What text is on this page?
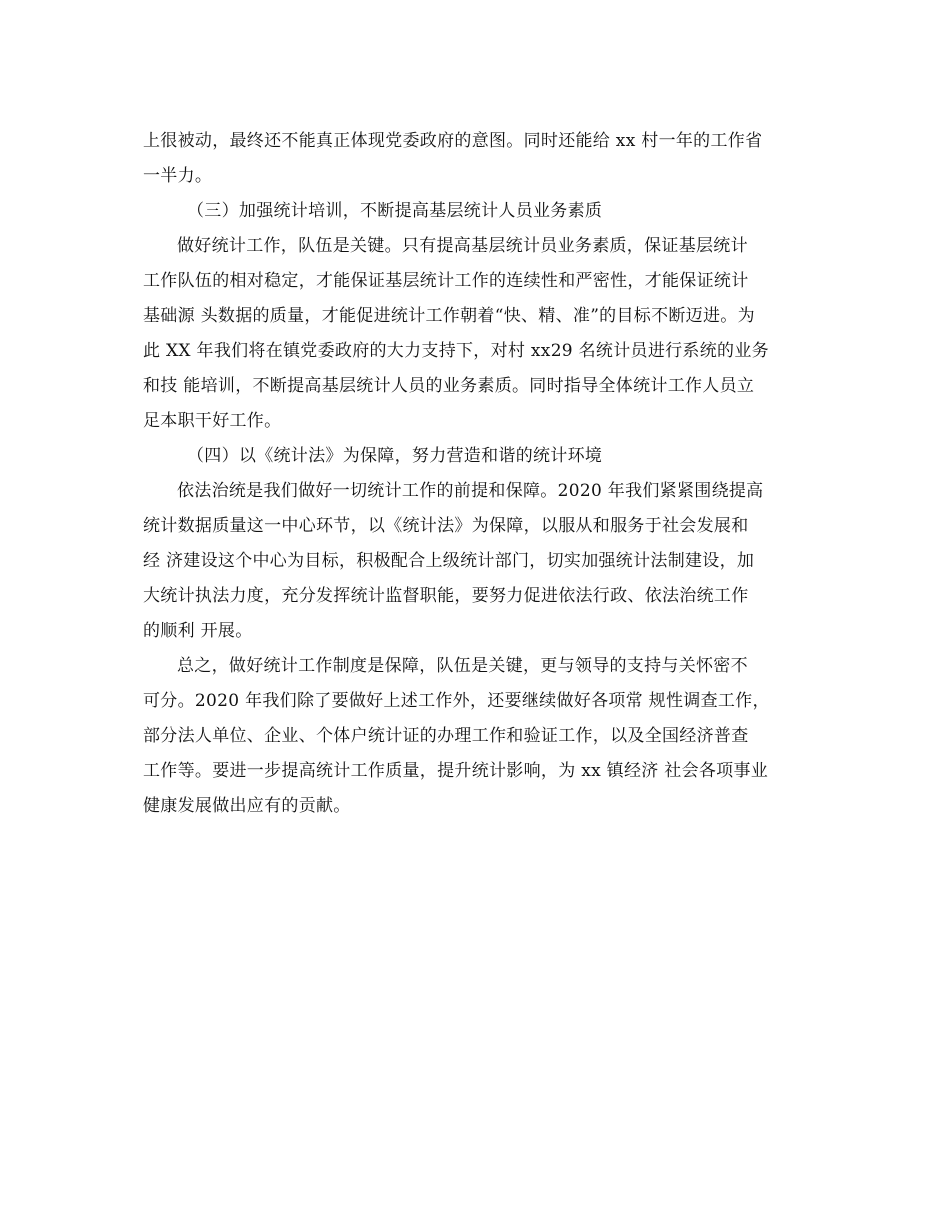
上很被动，最终还不能真正体现党委政府的意图。同时还能给 xx 村一年的工作省
一半力。
（三）加强统计培训，不断提高基层统计人员业务素质
做好统计工作，队伍是关键。只有提高基层统计员业务素质，保证基层统计
工作队伍的相对稳定，才能保证基层统计工作的连续性和严密性，才能保证统计
基础源 头数据的质量，才能促进统计工作朝着“快、精、准”的目标不断迈进。为
此 XX 年我们将在镇党委政府的大力支持下，对村 xx29 名统计员进行系统的业务
和技 能培训，不断提高基层统计人员的业务素质。同时指导全体统计工作人员立
足本职干好工作。
（四）以《统计法》为保障，努力营造和谐的统计环境
依法治统是我们做好一切统计工作的前提和保障。2020 年我们紧紧围绕提高
统计数据质量这一中心环节，以《统计法》为保障，以服从和服务于社会发展和
经 济建设这个中心为目标，积极配合上级统计部门，切实加强统计法制建设，加
大统计执法力度，充分发挥统计监督职能，要努力促进依法行政、依法治统工作
的顺利 开展。
总之，做好统计工作制度是保障，队伍是关键，更与领导的支持与关怀密不
可分。2020 年我们除了要做好上述工作外，还要继续做好各项常 规性调查工作，
部分法人单位、企业、个体户统计证的办理工作和验证工作，以及全国经济普查
工作等。要进一步提高统计工作质量，提升统计影响，为 xx 镇经济 社会各项事业
健康发展做出应有的贡献。
